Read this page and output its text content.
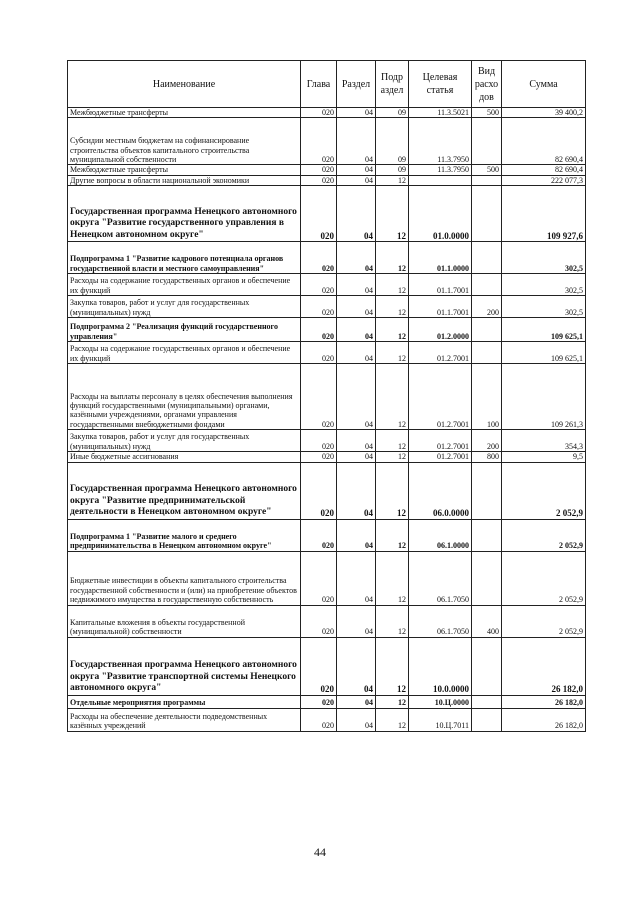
Наименование	Глава	Раздел	Подр аздел	Целевая статья	Вид расхо дов	Сумма
Межбюджетные трансферты	020	04	09	11.3.5021	500	39 400,2
Субсидии местным бюджетам на софинансирование строительства объектов капитального строительства муниципальной собственности	020	04	09	11.3.7950		82 690,4
Межбюджетные трансферты	020	04	09	11.3.7950	500	82 690,4
Другие вопросы в области национальной экономики	020	04	12			222 077,3
Государственная программа Ненецкого автономного округа "Развитие государственного управления в Ненецком автономном округе"	020	04	12	01.0.0000		109 927,6
Подпрограмма 1 "Развитие кадрового потенциала органов государственной власти и местного самоуправления"	020	04	12	01.1.0000		302,5
Расходы на содержание государственных органов и обеспечение их функций	020	04	12	01.1.7001		302,5
Закупка товаров, работ и услуг для государственных (муниципальных) нужд	020	04	12	01.1.7001	200	302,5
Подпрограмма 2 "Реализация функций государственного управления"	020	04	12	01.2.0000		109 625,1
Расходы на содержание государственных органов и обеспечение их функций	020	04	12	01.2.7001		109 625,1
Расходы на выплаты персоналу в целях обеспечения выполнения функций государственными (муниципальными) органами, казёнными учреждениями, органами управления государственными внебюджетными фондами	020	04	12	01.2.7001	100	109 261,3
Закупка товаров, работ и услуг для государственных (муниципальных) нужд	020	04	12	01.2.7001	200	354,3
Иные бюджетные ассигнования	020	04	12	01.2.7001	800	9,5
Государственная программа Ненецкого автономного округа "Развитие предпринимательской деятельности в Ненецком автономном округе"	020	04	12	06.0.0000		2 052,9
Подпрограмма 1 "Развитие малого и среднего предпринимательства в Ненецком автономном округе"	020	04	12	06.1.0000		2 052,9
Бюджетные инвестиции в объекты капитального строительства государственной собственности и (или) на приобретение объектов недвижимого имущества в государственную собственность	020	04	12	06.1.7050		2 052,9
Капитальные вложения в объекты государственной (муниципальной) собственности	020	04	12	06.1.7050	400	2 052,9
Государственная программа Ненецкого автономного округа "Развитие транспортной системы Ненецкого автономного округа"	020	04	12	10.0.0000		26 182,0
Отдельные мероприятия программы	020	04	12	10.Ц.0000		26 182,0
Расходы на обеспечение деятельности подведомственных казённых учреждений	020	04	12	10.Ц.7011		26 182,0
44
